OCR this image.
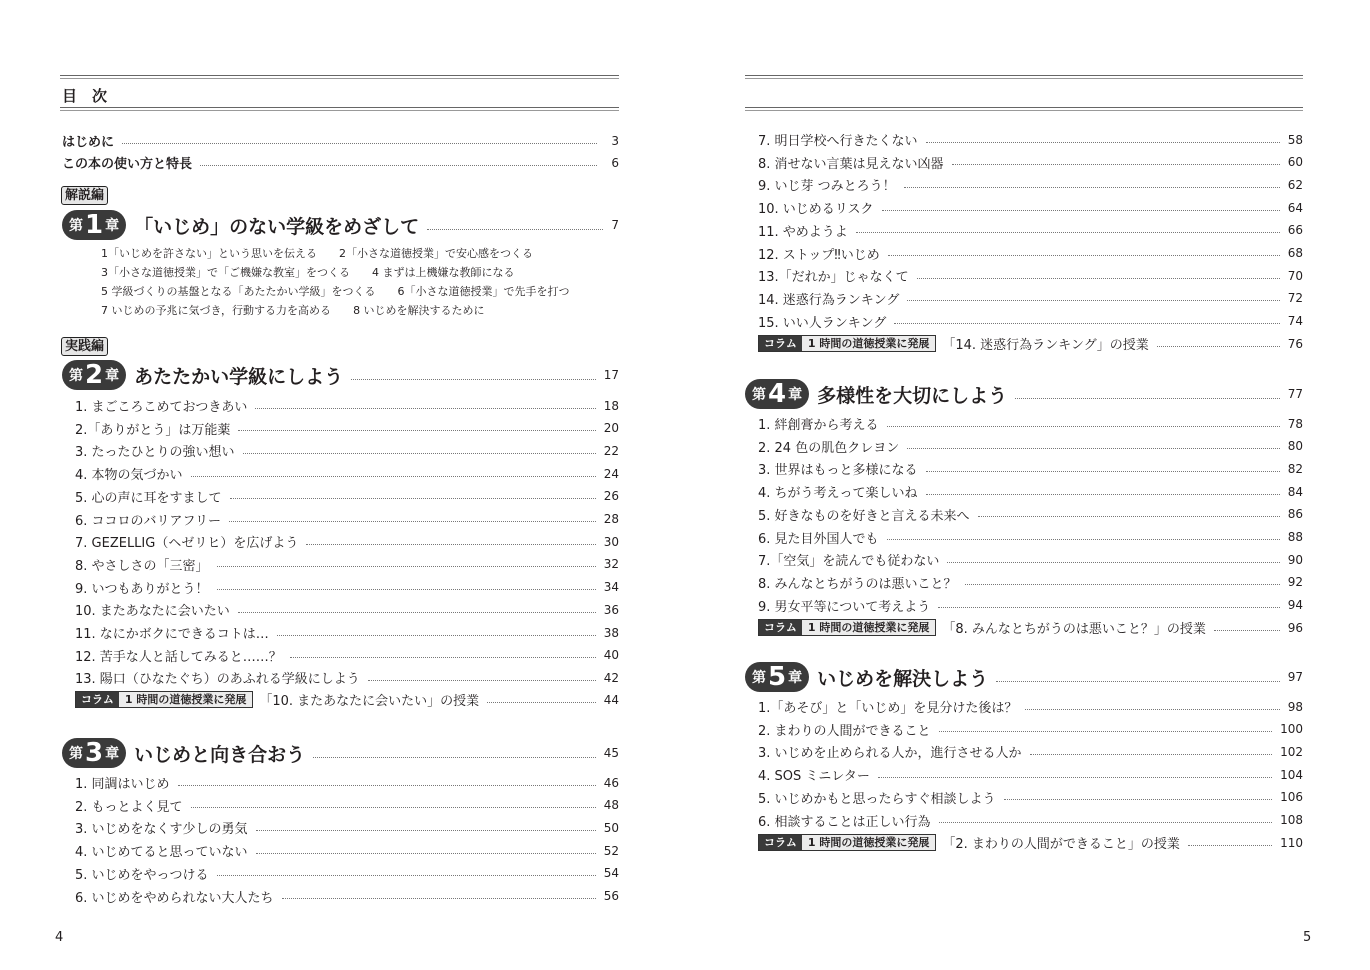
目　次
はじめに	3
この本の使い方と特長	6
解説編
第 1 章 「いじめ」のない学級をめざして	7
1「いじめを許さない」という思いを伝える 2「小さな道徳授業」で安心感をつくる
3「小さな道徳授業」で「ご機嫌な教室」をつくる 4 まずは上機嫌な教師になる
5 学級づくりの基盤となる「あたたかい学級」をつくる 6「小さな道徳授業」で先手を打つ
7 いじめの予兆に気づき，行動する力を高める 8 いじめを解決するために
実践編
第 2 章 あたたかい学級にしよう	17
1. まごころこめておつきあい	18
2.「ありがとう」は万能薬	20
3. たったひとりの強い想い	22
4. 本物の気づかい	24
5. 心の声に耳をすまして	26
6. ココロのバリアフリー	28
7. GEZELLIG（ヘゼリヒ）を広げよう	30
8. やさしさの「三密」	32
9. いつもありがとう！	34
10. またあなたに会いたい	36
11. なにかボクにできるコトは…	38
12. 苦手な人と話してみると……？	40
13. 陽口（ひなたぐち）のあふれる学級にしよう	42
コラム	1 時間の道徳授業に発展	「10. またあなたに会いたい」の授業	44
第 3 章 いじめと向き合おう	45
1. 同調はいじめ	46
2. もっとよく見て	48
3. いじめをなくす少しの勇気	50
4. いじめてると思っていない	52
5. いじめをやっつける	54
6. いじめをやめられない大人たち	56
4
7. 明日学校へ行きたくない	58
8. 消せない言葉は見えない凶器	60
9. いじ芽 つみとろう！	62
10. いじめるリスク	64
11. やめようよ	66
12. ストップ‼いじめ	68
13.「だれか」じゃなくて	70
14. 迷惑行為ランキング	72
15. いい人ランキング	74
コラム	1 時間の道徳授業に発展	「14. 迷惑行為ランキング」の授業	76
第 4 章 多様性を大切にしよう	77
1. 絆創膏から考える	78
2. 24 色の肌色クレヨン	80
3. 世界はもっと多様になる	82
4. ちがう考えって楽しいね	84
5. 好きなものを好きと言える未来へ	86
6. 見た目外国人でも	88
7.「空気」を読んでも従わない	90
8. みんなとちがうのは悪いこと？	92
9. 男女平等について考えよう	94
コラム	1 時間の道徳授業に発展	「8. みんなとちがうのは悪いこと？」の授業	96
第 5 章 いじめを解決しよう	97
1.「あそび」と「いじめ」を見分けた後は？	98
2. まわりの人間ができること	100
3. いじめを止められる人か，進行させる人か	102
4. SOS ミニレター	104
5. いじめかもと思ったらすぐ相談しよう	106
6. 相談することは正しい行為	108
コラム	1 時間の道徳授業に発展	「2. まわりの人間ができること」の授業	110
5
